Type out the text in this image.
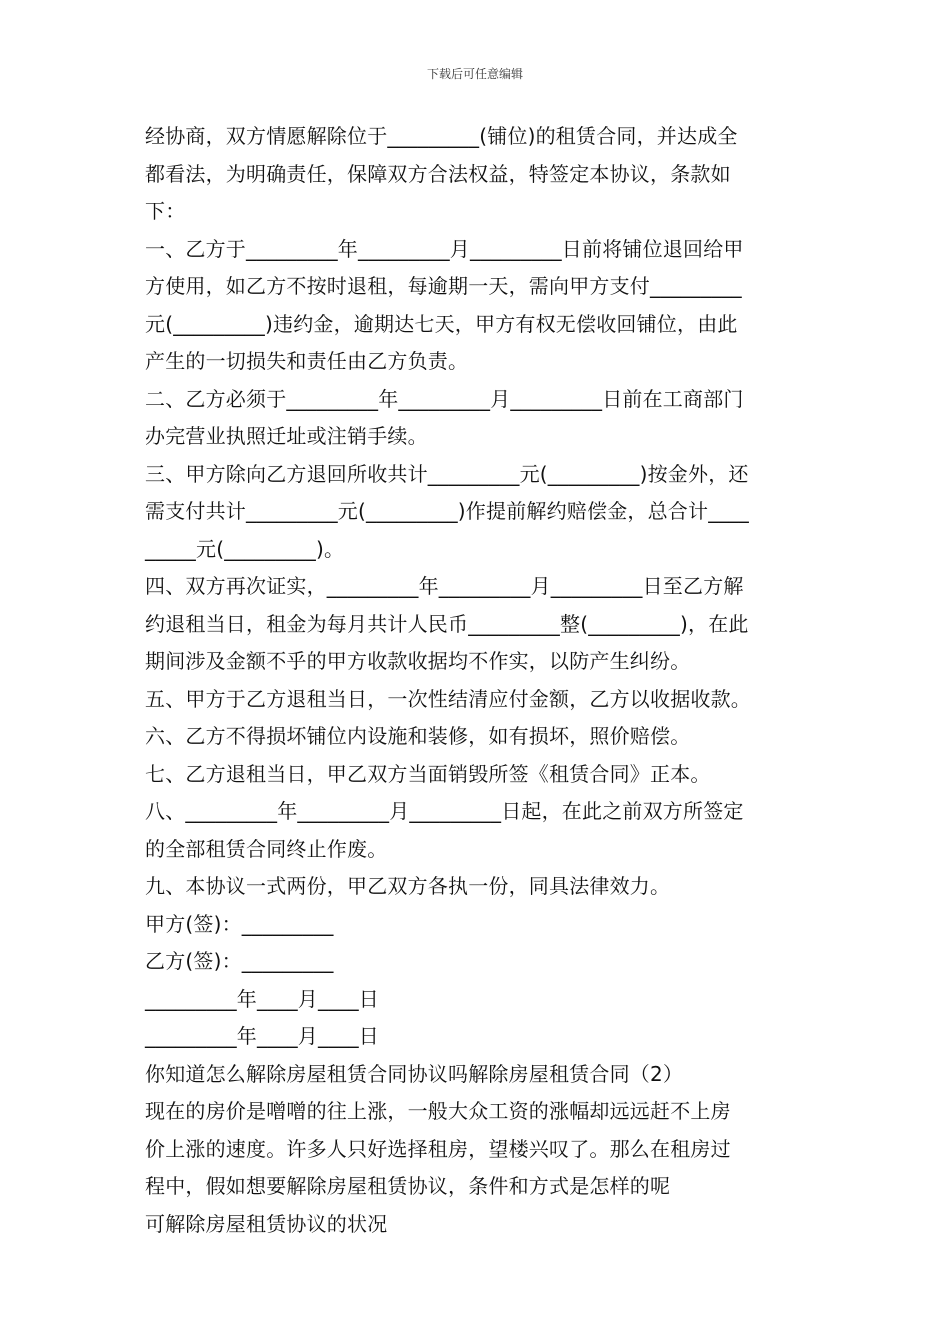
下载后可任意编辑
经协商，双方情愿解除位于_________(铺位)的租赁合同，并达成全
都看法，为明确责任，保障双方合法权益，特签定本协议，条款如
下：
一、乙方于_________年_________月_________日前将铺位退回给甲
方使用，如乙方不按时退租，每逾期一天，需向甲方支付_________
元(_________)违约金，逾期达七天，甲方有权无偿收回铺位，由此
产生的一切损失和责任由乙方负责。
二、乙方必须于_________年_________月_________日前在工商部门
办完营业执照迁址或注销手续。
三、甲方除向乙方退回所收共计_________元(_________)按金外，还
需支付共计_________元(_________)作提前解约赔偿金，总合计____
_____元(_________)。
四、双方再次证实，_________年_________月_________日至乙方解
约退租当日，租金为每月共计人民币_________整(_________)，在此
期间涉及金额不乎的甲方收款收据均不作实，以防产生纠纷。
五、甲方于乙方退租当日，一次性结清应付金额，乙方以收据收款。
六、乙方不得损坏铺位内设施和装修，如有损坏，照价赔偿。
七、乙方退租当日，甲乙双方当面销毁所签《租赁合同》正本。
八、_________年_________月_________日起，在此之前双方所签定
的全部租赁合同终止作废。
九、本协议一式两份，甲乙双方各执一份，同具法律效力。
甲方(签)：_________
乙方(签)：_________
_________年____月____日
_________年____月____日
你知道怎么解除房屋租赁合同协议吗解除房屋租赁合同（2）
现在的房价是噌噌的往上涨，一般大众工资的涨幅却远远赶不上房
价上涨的速度。许多人只好选择租房，望楼兴叹了。那么在租房过
程中，假如想要解除房屋租赁协议，条件和方式是怎样的呢
可解除房屋租赁协议的状况
